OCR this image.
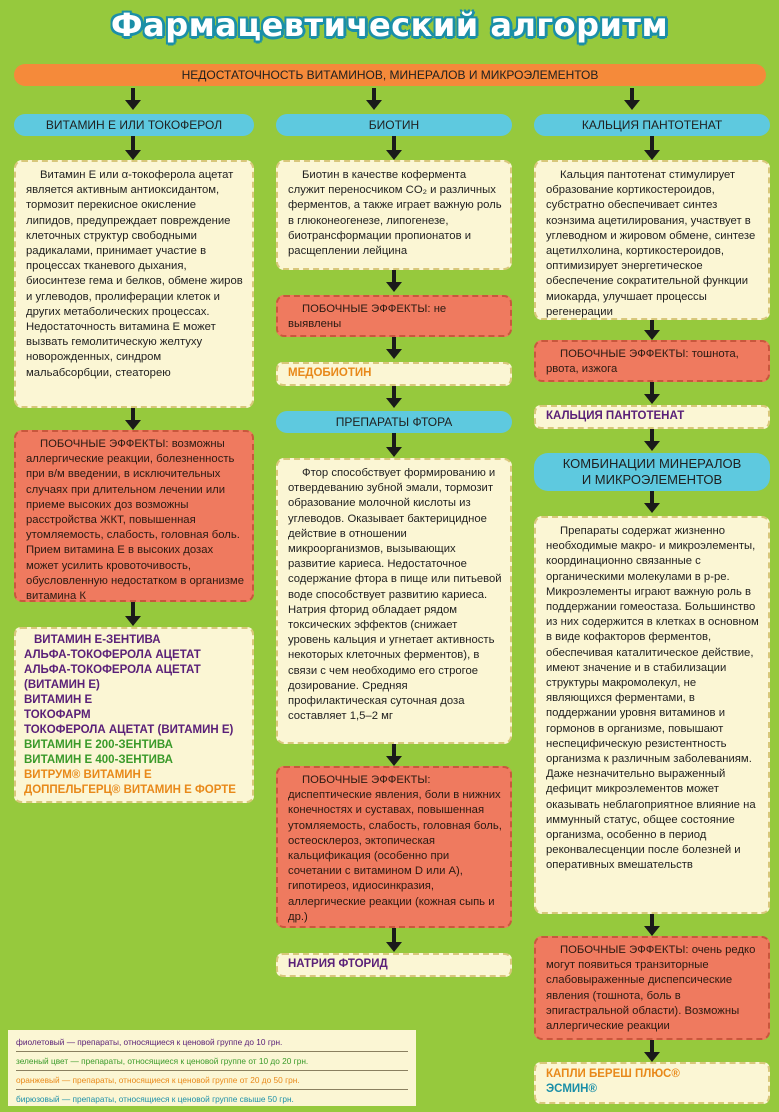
Фармацевтический алгоритм
НЕДОСТАТОЧНОСТЬ ВИТАМИНОВ, МИНЕРАЛОВ И МИКРОЭЛЕМЕНТОВ
ВИТАМИН Е ИЛИ ТОКОФЕРОЛ
Витамин Е или α-токоферола ацетат является активным антиоксидантом, тормозит перекисное окисление липидов, предупреждает повреждение клеточных структур свободными радикалами, принимает участие в процессах тканевого дыхания, биосинтезе гема и белков, обмене жиров и углеводов, пролиферации клеток и других метаболических процессах. Недостаточность витамина Е может вызвать гемолитическую желтуху новорожденных, синдром мальабсорбции, стеаторею
ПОБОЧНЫЕ ЭФФЕКТЫ: возможны аллергические реакции, болезненность при в/м введении, в исключительных случаях при длительном лечении или приеме высоких доз возможны расстройства ЖКТ, повышенная утомляемость, слабость, головная боль. Прием витамина Е в высоких дозах может усилить кровоточивость, обусловленную недостатком в организме витамина К
ВИТАМИН Е-ЗЕНТИВА
АЛЬФА-ТОКОФЕРОЛА АЦЕТАТ
АЛЬФА-ТОКОФЕРОЛА АЦЕТАТ
(ВИТАМИН Е)
ВИТАМИН Е
ТОКОФАРМ
ТОКОФЕРОЛА АЦЕТАТ (ВИТАМИН Е)
ВИТАМИН Е 200-ЗЕНТИВА
ВИТАМИН Е 400-ЗЕНТИВА
ВИТРУМ® ВИТАМИН Е
ДОППЕЛЬГЕРЦ® ВИТАМИН Е ФОРТЕ
БИОТИН
Биотин в качестве кофермента служит переносчиком CO₂ и различных ферментов, а также играет важную роль в глюконеогенезе, липогенезе, биотрансформации пропионатов и расщеплении лейцина
ПОБОЧНЫЕ ЭФФЕКТЫ: не выявлены
МЕДОБИОТИН
ПРЕПАРАТЫ ФТОРА
Фтор способствует формированию и отвердеванию зубной эмали, тормозит образование молочной кислоты из углеводов. Оказывает бактерицидное действие в отношении микроорганизмов, вызывающих развитие кариеса. Недостаточное содержание фтора в пище или питьевой воде способствует развитию кариеса. Натрия фторид обладает рядом токсических эффектов (снижает уровень кальция и угнетает активность некоторых клеточных ферментов), в связи с чем необходимо его строгое дозирование. Средняя профилактическая суточная доза составляет 1,5–2 мг
ПОБОЧНЫЕ ЭФФЕКТЫ: диспептические явления, боли в нижних конечностях и суставах, повышенная утомляемость, слабость, головная боль, остеосклероз, эктопическая кальцификация (особенно при сочетании с витамином D или А), гипотиреоз, идиосинкразия, аллергические реакции (кожная сыпь и др.)
НАТРИЯ ФТОРИД
КАЛЬЦИЯ ПАНТОТЕНАТ
Кальция пантотенат стимулирует образование кортикостероидов, субстратно обеспечивает синтез коэнзима ацетилирования, участвует в углеводном и жировом обмене, синтезе ацетилхолина, кортикостероидов, оптимизирует энергетическое обеспечение сократительной функции миокарда, улучшает процессы регенерации
ПОБОЧНЫЕ ЭФФЕКТЫ: тошнота, рвота, изжога
КАЛЬЦИЯ ПАНТОТЕНАТ
КОМБИНАЦИИ МИНЕРАЛОВ
И МИКРОЭЛЕМЕНТОВ
Препараты содержат жизненно необходимые макро- и микроэлементы, координационно связанные с органическими молекулами в р-ре. Микроэлементы играют важную роль в поддержании гомеостаза. Большинство из них содержится в клетках в основном в виде кофакторов ферментов, обеспечивая каталитическое действие, имеют значение и в стабилизации структуры макромолекул, не являющихся ферментами, в поддержании уровня витаминов и гормонов в организме, повышают неспецифическую резистентность организма к различным заболеваниям. Даже незначительно выраженный дефицит микроэлементов может оказывать неблагоприятное влияние на иммунный статус, общее состояние организма, особенно в период реконвалесценции после болезней и оперативных вмешательств
ПОБОЧНЫЕ ЭФФЕКТЫ: очень редко могут появиться транзиторные слабовыраженные диспепсические явления (тошнота, боль в эпигастральной области). Возможны аллергические реакции
КАПЛИ БЕРЕШ ПЛЮС®
ЭСМИН®
фиолетовый — препараты, относящиеся к ценовой группе до 10 грн.
зеленый цвет — препараты, относящиеся к ценовой группе от 10 до 20 грн.
оранжевый — препараты, относящиеся к ценовой группе от 20 до 50 грн.
бирюзовый — препараты, относящиеся к ценовой группе свыше 50 грн.
